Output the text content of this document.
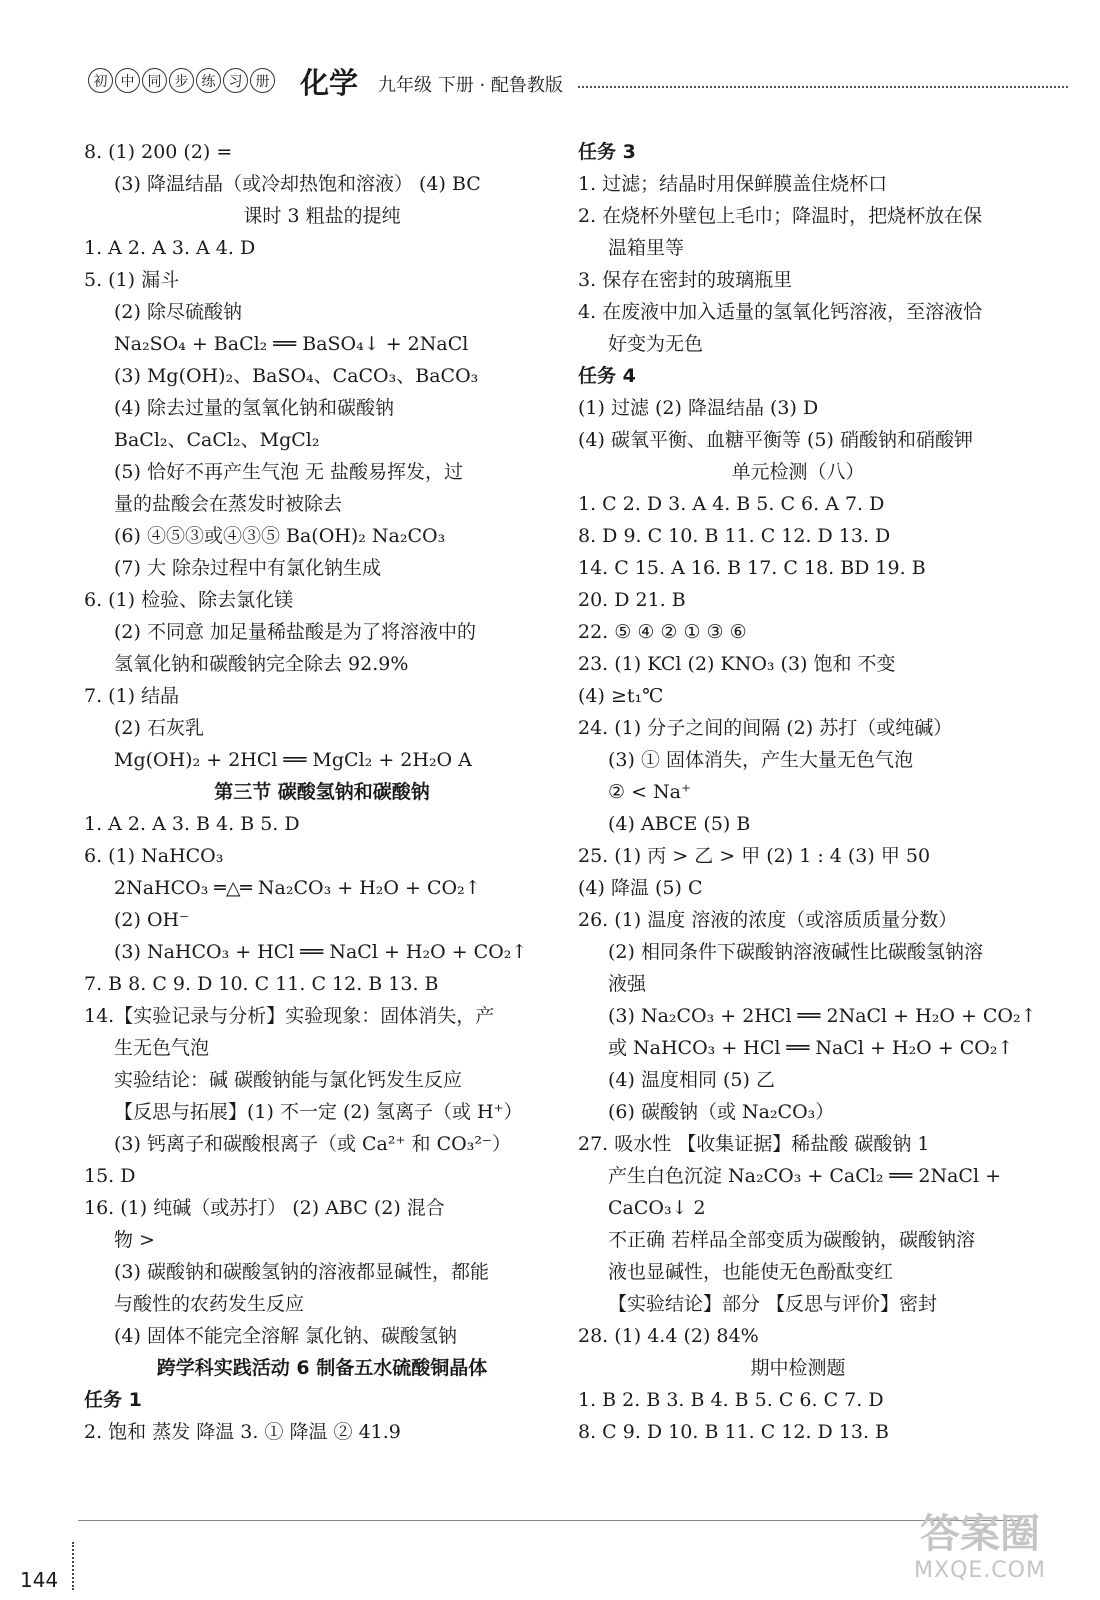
初 中 同 步 练 习 册 化学 九年级 下册 · 配鲁教版
8. (1) 200 (2) =
(3) 降温结晶（或冷却热饱和溶液） (4) BC
课时 3 粗盐的提纯
1. A 2. A 3. A 4. D
5. (1) 漏斗
(2) 除尽硫酸钠
Na₂SO₄ + BaCl₂ ══ BaSO₄↓ + 2NaCl
(3) Mg(OH)₂、BaSO₄、CaCO₃、BaCO₃
(4) 除去过量的氢氧化钠和碳酸钠
BaCl₂、CaCl₂、MgCl₂
(5) 恰好不再产生气泡 无 盐酸易挥发，过
量的盐酸会在蒸发时被除去
(6) ④⑤③或④③⑤ Ba(OH)₂ Na₂CO₃
(7) 大 除杂过程中有氯化钠生成
6. (1) 检验、除去氯化镁
(2) 不同意 加足量稀盐酸是为了将溶液中的
氢氧化钠和碳酸钠完全除去 92.9%
7. (1) 结晶
(2) 石灰乳
Mg(OH)₂ + 2HCl ══ MgCl₂ + 2H₂O A
第三节 碳酸氢钠和碳酸钠
1. A 2. A 3. B 4. B 5. D
6. (1) NaHCO₃
2NaHCO₃ ═△═ Na₂CO₃ + H₂O + CO₂↑
(2) OH⁻
(3) NaHCO₃ + HCl ══ NaCl + H₂O + CO₂↑
7. B 8. C 9. D 10. C 11. C 12. B 13. B
14.【实验记录与分析】实验现象：固体消失，产
生无色气泡
实验结论：碱 碳酸钠能与氯化钙发生反应
【反思与拓展】(1) 不一定 (2) 氢离子（或 H⁺）
(3) 钙离子和碳酸根离子（或 Ca²⁺ 和 CO₃²⁻）
15. D
16. (1) 纯碱（或苏打） (2) ABC (2) 混合
物 >
(3) 碳酸钠和碳酸氢钠的溶液都显碱性，都能
与酸性的农药发生反应
(4) 固体不能完全溶解 氯化钠、碳酸氢钠
跨学科实践活动 6 制备五水硫酸铜晶体
任务 1
2. 饱和 蒸发 降温 3. ① 降温 ② 41.9
任务 3
1. 过滤；结晶时用保鲜膜盖住烧杯口
2. 在烧杯外壁包上毛巾；降温时，把烧杯放在保
温箱里等
3. 保存在密封的玻璃瓶里
4. 在废液中加入适量的氢氧化钙溶液，至溶液恰
好变为无色
任务 4
(1) 过滤 (2) 降温结晶 (3) D
(4) 碳氧平衡、血糖平衡等 (5) 硝酸钠和硝酸钾
单元检测（八）
1. C 2. D 3. A 4. B 5. C 6. A 7. D
8. D 9. C 10. B 11. C 12. D 13. D
14. C 15. A 16. B 17. C 18. BD 19. B
20. D 21. B
22. ⑤ ④ ② ① ③ ⑥
23. (1) KCl (2) KNO₃ (3) 饱和 不变
(4) ≥t₁℃
24. (1) 分子之间的间隔 (2) 苏打（或纯碱）
(3) ① 固体消失，产生大量无色气泡
② < Na⁺
(4) ABCE (5) B
25. (1) 丙 > 乙 > 甲 (2) 1 : 4 (3) 甲 50
(4) 降温 (5) C
26. (1) 温度 溶液的浓度（或溶质质量分数）
(2) 相同条件下碳酸钠溶液碱性比碳酸氢钠溶
液强
(3) Na₂CO₃ + 2HCl ══ 2NaCl + H₂O + CO₂↑
或 NaHCO₃ + HCl ══ NaCl + H₂O + CO₂↑
(4) 温度相同 (5) 乙
(6) 碳酸钠（或 Na₂CO₃）
27. 吸水性 【收集证据】稀盐酸 碳酸钠 1
产生白色沉淀 Na₂CO₃ + CaCl₂ ══ 2NaCl +
CaCO₃↓ 2
不正确 若样品全部变质为碳酸钠，碳酸钠溶
液也显碱性，也能使无色酚酞变红
【实验结论】部分 【反思与评价】密封
28. (1) 4.4 (2) 84%
期中检测题
1. B 2. B 3. B 4. B 5. C 6. C 7. D
8. C 9. D 10. B 11. C 12. D 13. B
144
答案圈
MXQE.COM
